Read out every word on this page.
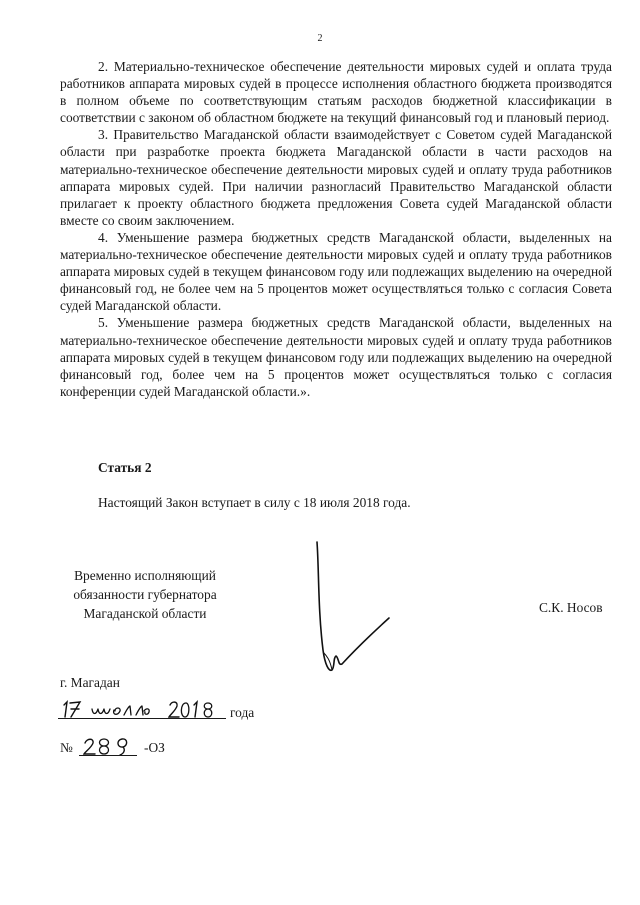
2

2. Материально-техническое обеспечение деятельности мировых судей и оплата труда работников аппарата мировых судей в процессе исполнения областного бюджета производятся в полном объеме по соответствующим статьям расходов бюджетной классификации в соответствии с законом об областном бюджете на текущий финансовый год и плановый период.

3. Правительство Магаданской области взаимодействует с Советом судей Магаданской области при разработке проекта бюджета Магаданской области в части расходов на материально-техническое обеспечение деятельности мировых судей и оплату труда работников аппарата мировых судей. При наличии разногласий Правительство Магаданской области прилагает к проекту областного бюджета предложения Совета судей Магаданской области вместе со своим заключением.

4. Уменьшение размера бюджетных средств Магаданской области, выделенных на материально-техническое обеспечение деятельности мировых судей и оплату труда работников аппарата мировых судей в текущем финансовом году или подлежащих выделению на очередной финансовый год, не более чем на 5 процентов может осуществляться только с согласия Совета судей Магаданской области.

5. Уменьшение размера бюджетных средств Магаданской области, выделенных на материально-техническое обеспечение деятельности мировых судей и оплату труда работников аппарата мировых судей в текущем финансовом году или подлежащих выделению на очередной финансовый год, более чем на 5 процентов может осуществляться только с согласия конференции судей Магаданской области.».

Статья 2
Настоящий Закон вступает в силу с 18 июля 2018 года.
Временно исполняющий
обязанности губернатора
Магаданской области	С.К. Носов
г. Магадан
года
№	-ОЗ
